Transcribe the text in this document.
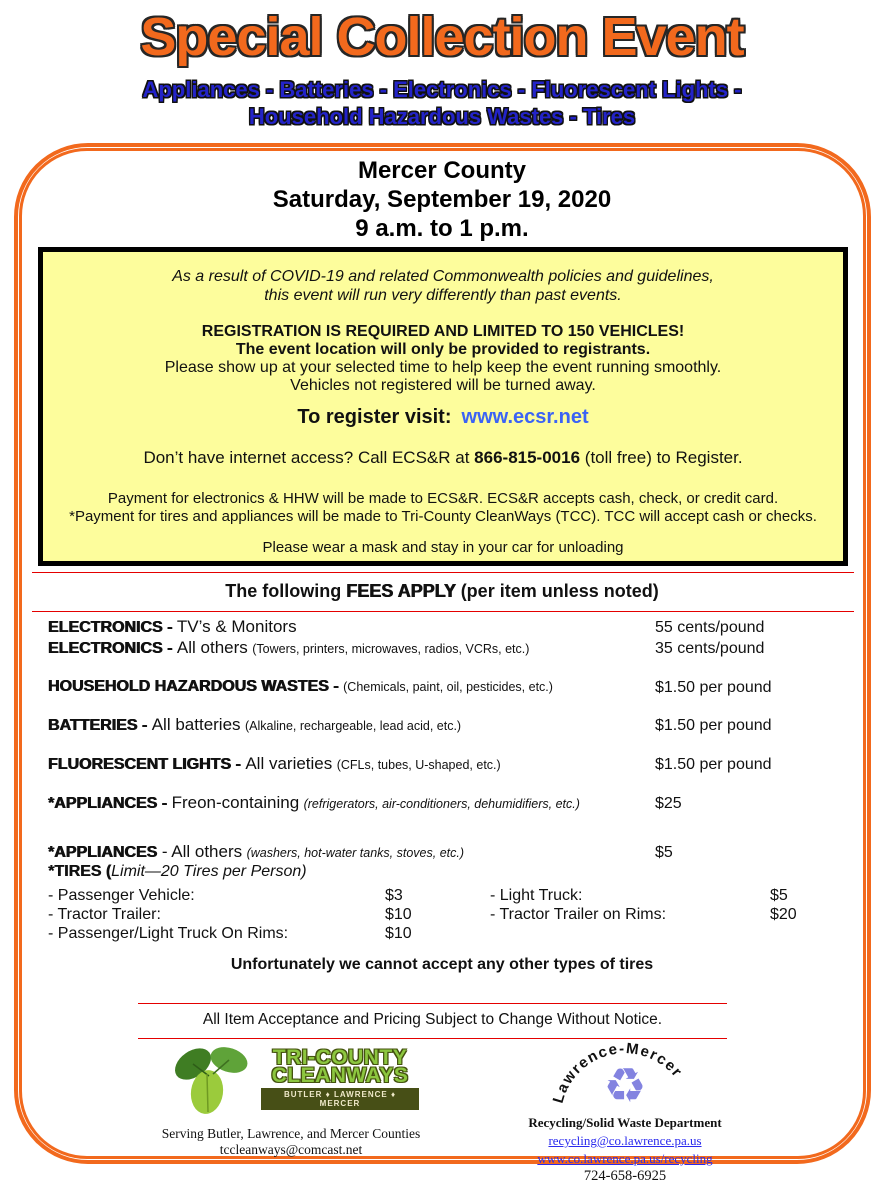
Special Collection Event
Appliances - Batteries - Electronics - Fluorescent Lights -
Household Hazardous Wastes - Tires
Mercer County
Saturday, September 19, 2020
9 a.m. to 1 p.m.
As a result of COVID-19 and related Commonwealth policies and guidelines,
this event will run very differently than past events.
REGISTRATION IS REQUIRED AND LIMITED TO 150 VEHICLES!
The event location will only be provided to registrants.
Please show up at your selected time to help keep the event running smoothly.
Vehicles not registered will be turned away.
To register visit: www.ecsr.net
Don’t have internet access? Call ECS&R at 866-815-0016 (toll free) to Register.
Payment for electronics & HHW will be made to ECS&R. ECS&R accepts cash, check, or credit card.
*Payment for tires and appliances will be made to Tri-County CleanWays (TCC). TCC will accept cash or checks.
Please wear a mask and stay in your car for unloading
The following FEES APPLY (per item unless noted)
ELECTRONICS - TV’s & Monitors	55 cents/pound
ELECTRONICS - All others (Towers, printers, microwaves, radios, VCRs, etc.)	35 cents/pound
HOUSEHOLD HAZARDOUS WASTES - (Chemicals, paint, oil, pesticides, etc.)	$1.50 per pound
BATTERIES - All batteries (Alkaline, rechargeable, lead acid, etc.)	$1.50 per pound
FLUORESCENT LIGHTS - All varieties (CFLs, tubes, U-shaped, etc.)	$1.50 per pound
*APPLIANCES - Freon-containing (refrigerators, air-conditioners, dehumidifiers, etc.)	$25
*APPLIANCES - All others (washers, hot-water tanks, stoves, etc.)	$5
*TIRES (Limit—20 Tires per Person)
- Passenger Vehicle:	$3	- Light Truck:	$5
- Tractor Trailer:	$10	- Tractor Trailer on Rims:	$20
- Passenger/Light Truck On Rims:	$10
Unfortunately we cannot accept any other types of tires
All Item Acceptance and Pricing Subject to Change Without Notice.
TRI-COUNTY
CLEANWAYS
BUTLER ♦ LAWRENCE ♦ MERCER
Serving Butler, Lawrence, and Mercer Counties
tccleanways@comcast.net
Lawrence-Mercer
♻
Recycling/Solid Waste Department
recycling@co.lawrence.pa.us
www.co.lawrence.pa.us/recycling
724-658-6925
